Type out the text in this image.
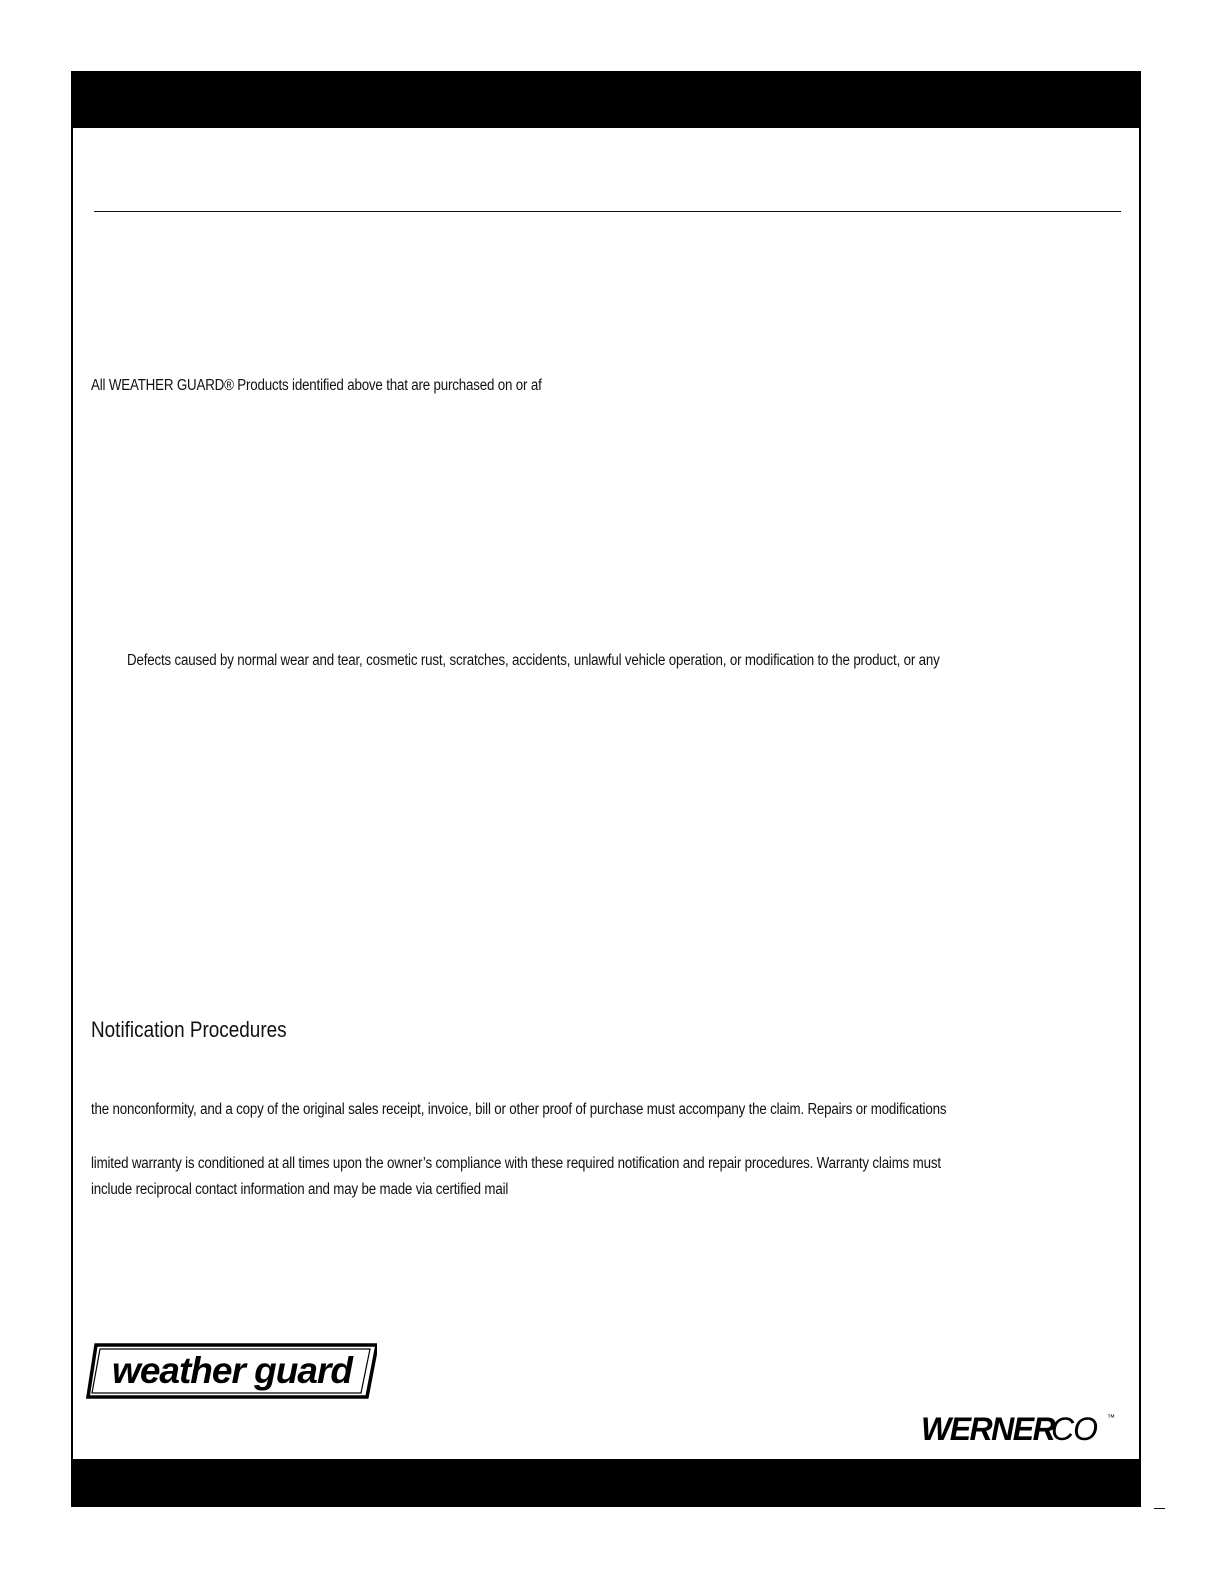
All WEATHER GUARD® Products identified above that are purchased on or af
Defects caused by normal wear and tear, cosmetic rust, scratches, accidents, unlawful vehicle operation, or modification to the product, or any
Notification Procedures
the nonconformity, and a copy of the original sales receipt, invoice, bill or other proof of purchase must accompany the claim. Repairs or modifications
limited warranty is conditioned at all times upon the owner’s compliance with these required notification and repair procedures. Warranty claims must
include reciprocal contact information and may be made via certified mail
weather guard
WERNER
CO ™
